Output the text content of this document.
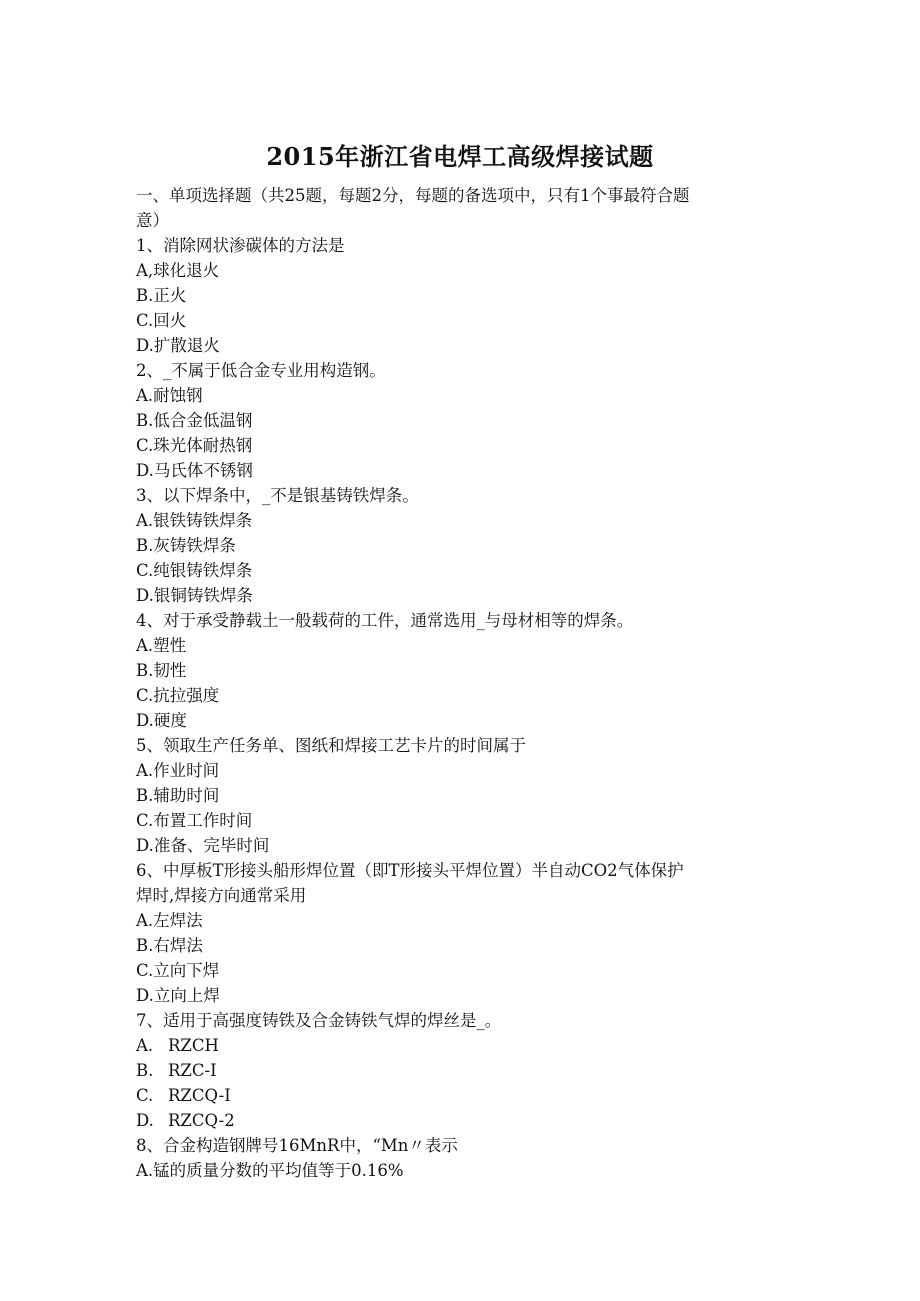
2015年浙江省电焊工高级焊接试题
一、单项选择题（共25题，每题2分，每题的备选项中，只有1个事最符合题
意）
1、消除网状渗碳体的方法是
A,球化退火
B.正火
C.回火
D.扩散退火
2、_不属于低合金专业用构造钢。
A.耐蚀钢
B.低合金低温钢
C.珠光体耐热钢
D.马氏体不锈钢
3、以下焊条中，_不是银基铸铁焊条。
A.银铁铸铁焊条
B.灰铸铁焊条
C.纯银铸铁焊条
D.银铜铸铁焊条
4、对于承受静载土一般载荷的工件，通常选用_与母材相等的焊条。
A.塑性
B.韧性
C.抗拉强度
D.硬度
5、领取生产任务单、图纸和焊接工艺卡片的时间属于
A.作业时间
B.辅助时间
C.布置工作时间
D.准备、完毕时间
6、中厚板T形接头船形焊位置（即T形接头平焊位置）半自动CO2气体保护
焊时,焊接方向通常采用
A.左焊法
B.右焊法
C.立向下焊
D.立向上焊
7、适用于高强度铸铁及合金铸铁气焊的焊丝是_。
A. RZCH
B. RZC-I
C. RZCQ-I
D. RZCQ-2
8、合金构造钢牌号16MnR中，“Mn〃表示
A.锰的质量分数的平均值等于0.16%
